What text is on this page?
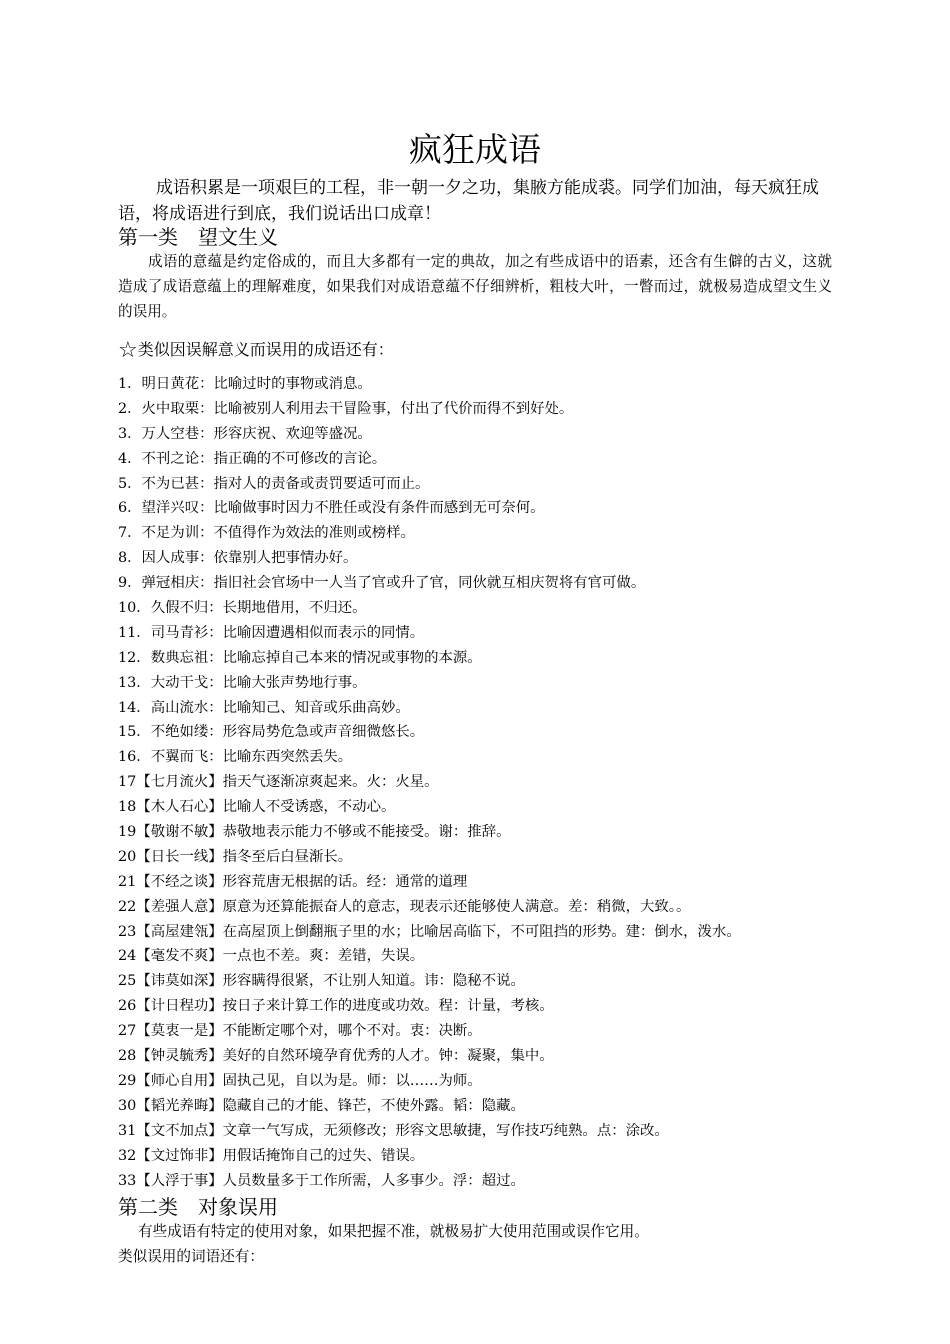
疯狂成语
成语积累是一项艰巨的工程，非一朝一夕之功，集腋方能成裘。同学们加油，每天疯狂成语，将成语进行到底，我们说话出口成章！
第一类　望文生义
成语的意蕴是约定俗成的，而且大多都有一定的典故，加之有些成语中的语素，还含有生僻的古义，这就造成了成语意蕴上的理解难度，如果我们对成语意蕴不仔细辨析，粗枝大叶，一瞥而过，就极易造成望文生义的误用。
☆类似因误解意义而误用的成语还有：
1．明日黄花：比喻过时的事物或消息。
2．火中取栗：比喻被别人利用去干冒险事，付出了代价而得不到好处。
3．万人空巷：形容庆祝、欢迎等盛况。
4．不刊之论：指正确的不可修改的言论。
5．不为已甚：指对人的责备或责罚要适可而止。
6．望洋兴叹：比喻做事时因力不胜任或没有条件而感到无可奈何。
7．不足为训：不值得作为效法的准则或榜样。
8．因人成事：依靠别人把事情办好。
9．弹冠相庆：指旧社会官场中一人当了官或升了官，同伙就互相庆贺将有官可做。
10．久假不归：长期地借用，不归还。
11．司马青衫：比喻因遭遇相似而表示的同情。
12．数典忘祖：比喻忘掉自己本来的情况或事物的本源。
13．大动干戈：比喻大张声势地行事。
14．高山流水：比喻知己、知音或乐曲高妙。
15．不绝如缕：形容局势危急或声音细微悠长。
16．不翼而飞：比喻东西突然丢失。
17【七月流火】指天气逐渐凉爽起来。火：火星。
18【木人石心】比喻人不受诱惑，不动心。
19【敬谢不敏】恭敬地表示能力不够或不能接受。谢：推辞。
20【日长一线】指冬至后白昼渐长。
21【不经之谈】形容荒唐无根据的话。经：通常的道理
22【差强人意】原意为还算能振奋人的意志，现表示还能够使人满意。差：稍微，大致。。
23【高屋建瓴】在高屋顶上倒翻瓶子里的水；比喻居高临下，不可阻挡的形势。建：倒水，泼水。
24【毫发不爽】一点也不差。爽：差错，失误。
25【讳莫如深】形容瞒得很紧，不让别人知道。讳：隐秘不说。
26【计日程功】按日子来计算工作的进度或功效。程：计量，考核。
27【莫衷一是】不能断定哪个对，哪个不对。衷：决断。
28【钟灵毓秀】美好的自然环境孕育优秀的人才。钟：凝聚，集中。
29【师心自用】固执己见，自以为是。师：以……为师。
30【韬光养晦】隐藏自己的才能、锋芒，不使外露。韬：隐藏。
31【文不加点】文章一气写成，无须修改；形容文思敏捷，写作技巧纯熟。点：涂改。
32【文过饰非】用假话掩饰自己的过失、错误。
33【人浮于事】人员数量多于工作所需，人多事少。浮：超过。
第二类　对象误用
有些成语有特定的使用对象，如果把握不准，就极易扩大使用范围或误作它用。
类似误用的词语还有：
